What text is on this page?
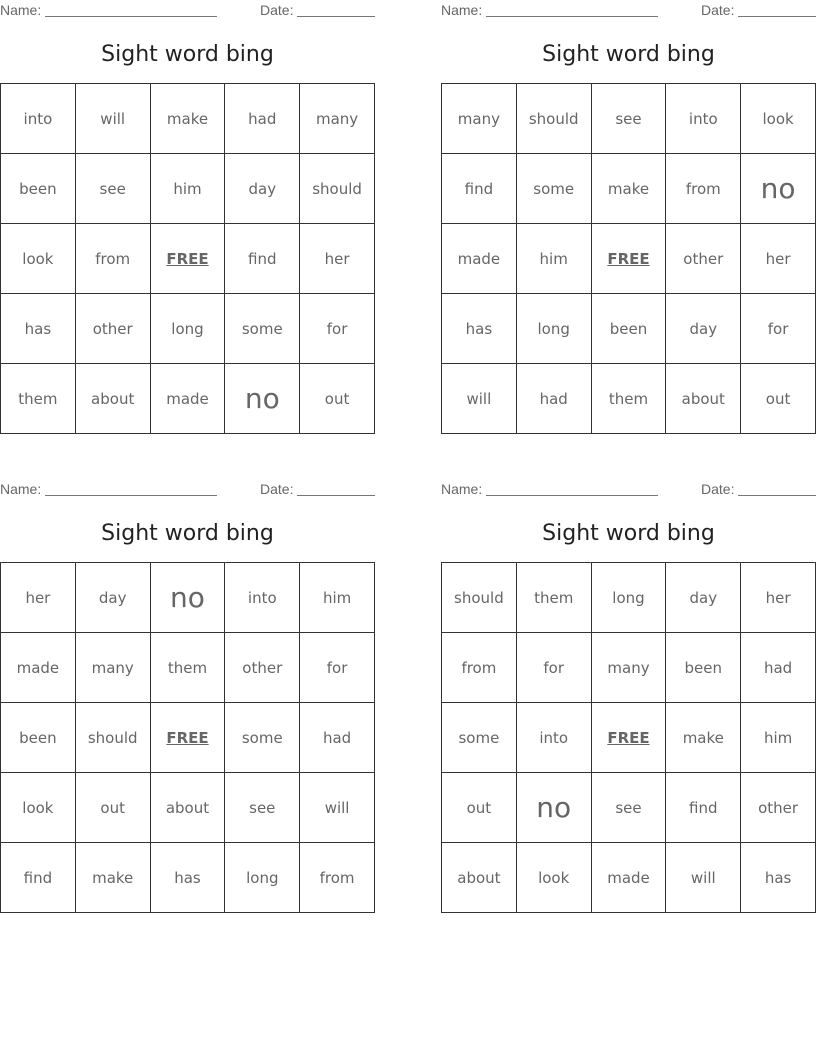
Name:	Date:
Sight word bing
into	will	make	had	many
been	see	him	day	should
look	from	FREE	find	her
has	other	long	some	for
them	about	made	no	out
Name:	Date:
Sight word bing
many	should	see	into	look
find	some	make	from	no
made	him	FREE	other	her
has	long	been	day	for
will	had	them	about	out
Name:	Date:
Sight word bing
her	day	no	into	him
made	many	them	other	for
been	should	FREE	some	had
look	out	about	see	will
find	make	has	long	from
Name:	Date:
Sight word bing
should	them	long	day	her
from	for	many	been	had
some	into	FREE	make	him
out	no	see	find	other
about	look	made	will	has
